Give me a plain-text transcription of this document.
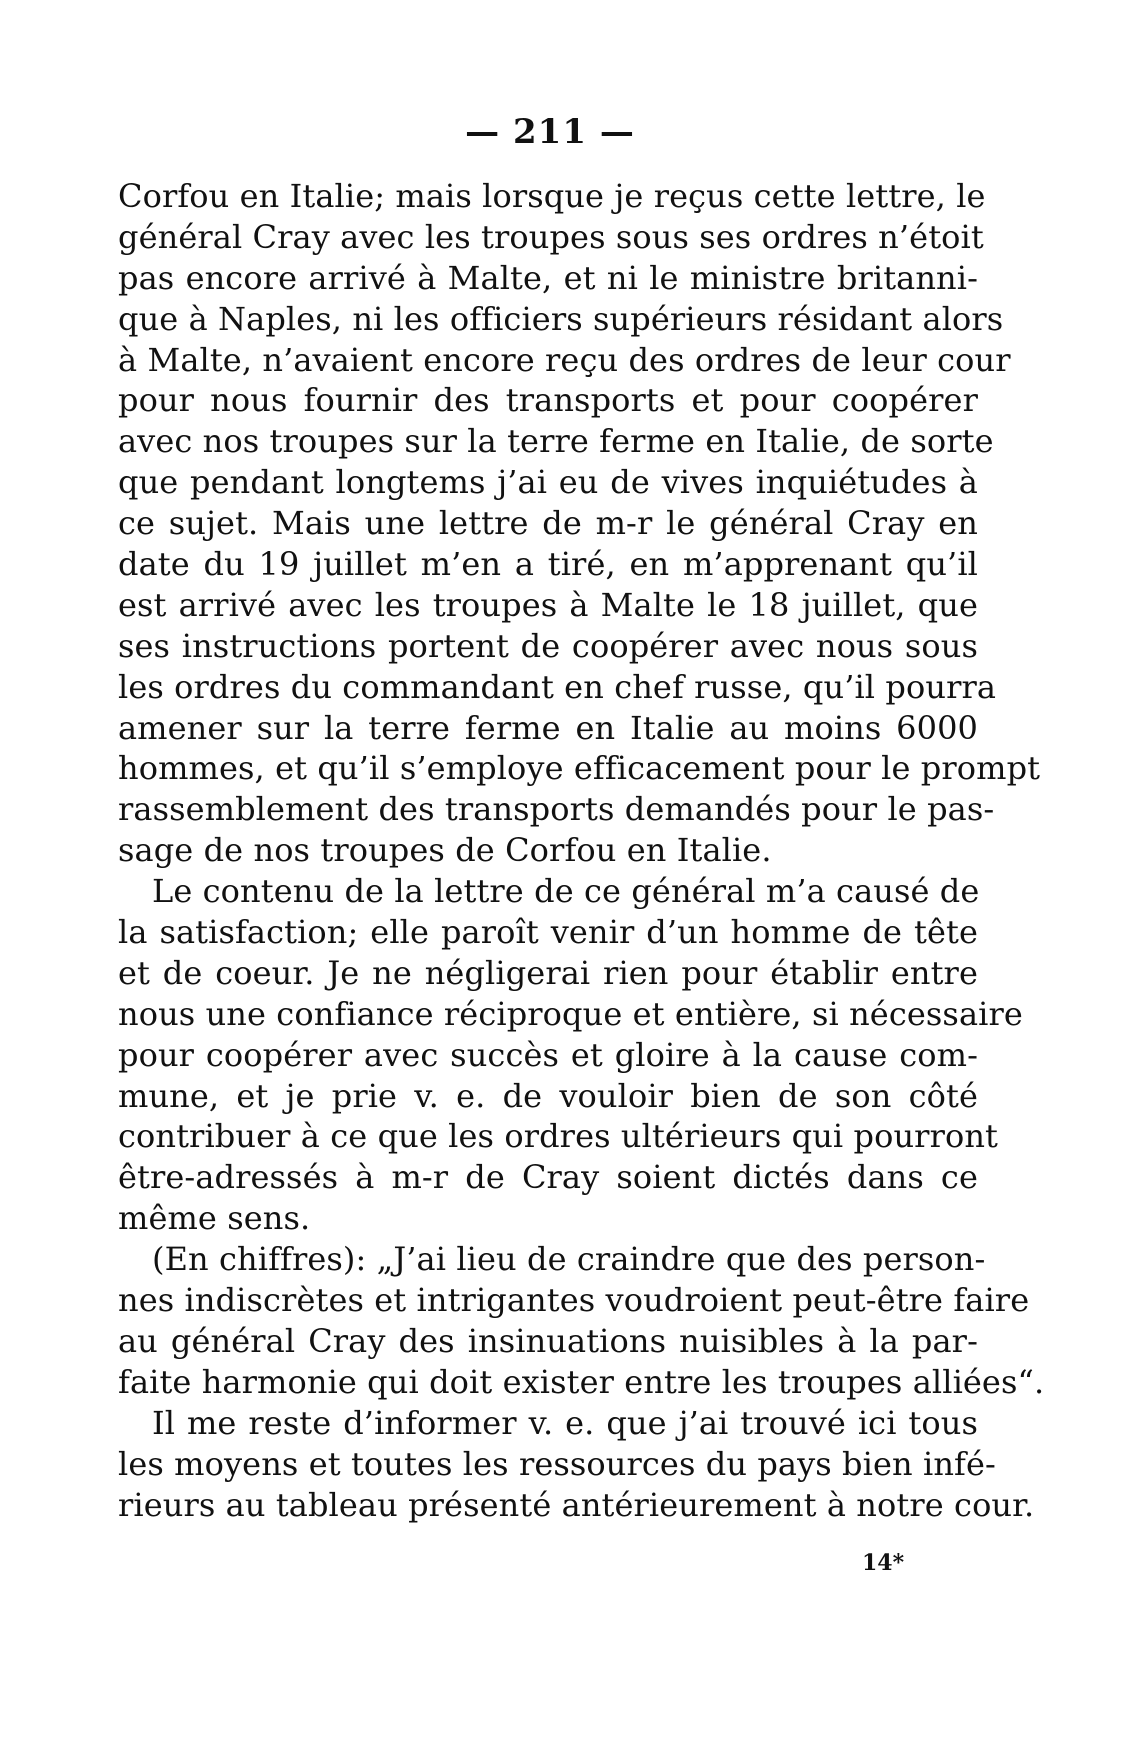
— 211 —
Corfou en Italie; mais lorsque je reçus cette lettre, le
général Cray avec les troupes sous ses ordres n’étoit
pas encore arrivé à Malte, et ni le ministre britanni-
que à Naples, ni les officiers supérieurs résidant alors
à Malte, n’avaient encore reçu des ordres de leur cour
pour nous fournir des transports et pour coopérer
avec nos troupes sur la terre ferme en Italie, de sorte
que pendant longtems j’ai eu de vives inquiétudes à
ce sujet. Mais une lettre de m-r le général Cray en
date du 19 juillet m’en a tiré, en m’apprenant qu’il
est arrivé avec les troupes à Malte le 18 juillet, que
ses instructions portent de coopérer avec nous sous
les ordres du commandant en chef russe, qu’il pourra
amener sur la terre ferme en Italie au moins 6000
hommes, et qu’il s’employe efficacement pour le prompt
rassemblement des transports demandés pour le pas-
sage de nos troupes de Corfou en Italie.
Le contenu de la lettre de ce général m’a causé de
la satisfaction; elle paroît venir d’un homme de tête
et de coeur. Je ne négligerai rien pour établir entre
nous une confiance réciproque et entière, si nécessaire
pour coopérer avec succès et gloire à la cause com-
mune, et je prie v. e. de vouloir bien de son côté
contribuer à ce que les ordres ultérieurs qui pourront
être-adressés à m-r de Cray soient dictés dans ce
même sens.
(En chiffres): „J’ai lieu de craindre que des person-
nes indiscrètes et intrigantes voudroient peut-être faire
au général Cray des insinuations nuisibles à la par-
faite harmonie qui doit exister entre les troupes alliées“.
Il me reste d’informer v. e. que j’ai trouvé ici tous
les moyens et toutes les ressources du pays bien infé-
rieurs au tableau présenté antérieurement à notre cour.
14*
